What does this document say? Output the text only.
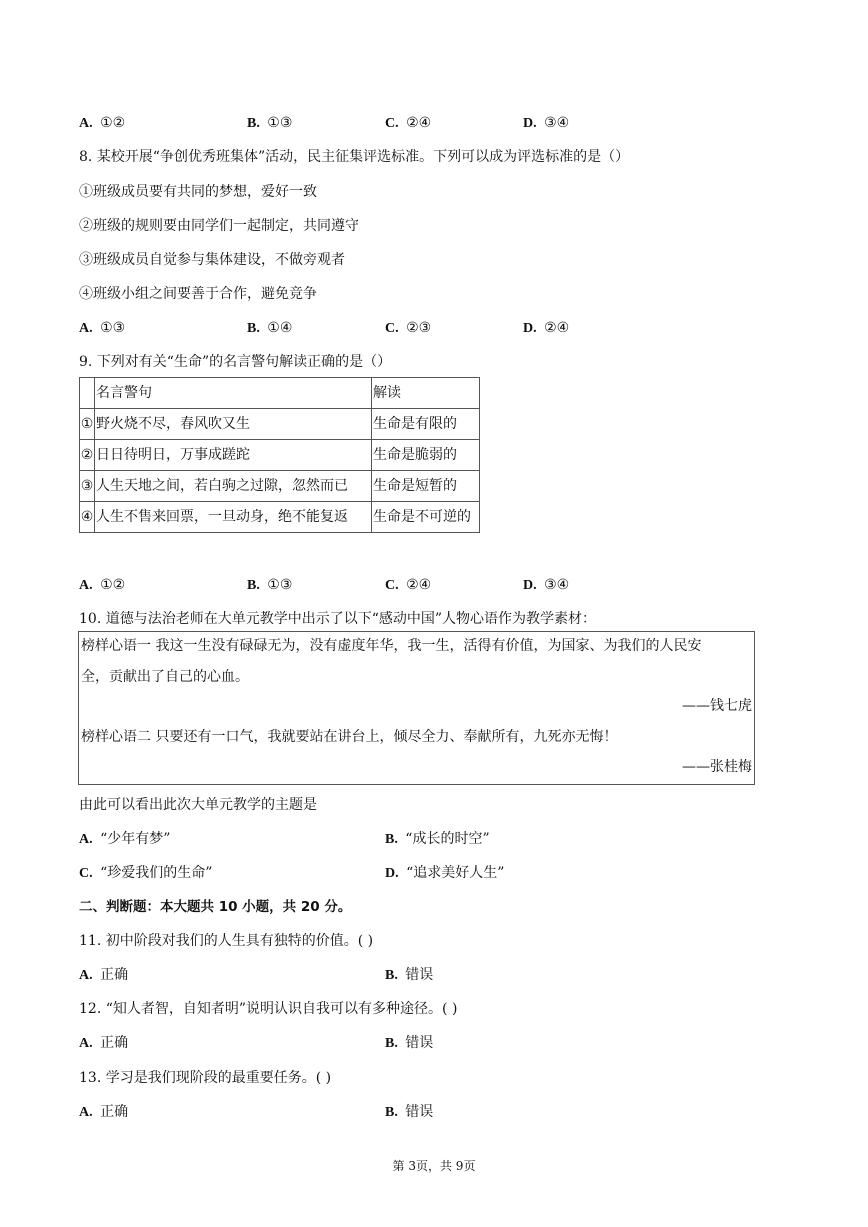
A. ①②	B. ①③	C. ②④	D. ③④
8. 某校开展“争创优秀班集体”活动，民主征集评选标准。下列可以成为评选标准的是（）
①班级成员要有共同的梦想，爱好一致
②班级的规则要由同学们一起制定，共同遵守
③班级成员自觉参与集体建设，不做旁观者
④班级小组之间要善于合作，避免竞争
A. ①③	B. ①④	C. ②③	D. ②④
9. 下列对有关“生命”的名言警句解读正确的是（）
	名言警句	解读
①	野火烧不尽，春风吹又生	生命是有限的
②	日日待明日，万事成蹉跎	生命是脆弱的
③	人生天地之间，若白驹之过隙，忽然而已	生命是短暂的
④	人生不售来回票，一旦动身，绝不能复返	生命是不可逆的
A. ①②	B. ①③	C. ②④	D. ③④
10. 道德与法治老师在大单元教学中出示了以下“感动中国”人物心语作为教学素材：
榜样心语一 我这一生没有碌碌无为，没有虚度年华，我一生，活得有价值，为国家、为我们的人民安
全，贡献出了自己的心血。
——钱七虎
榜样心语二 只要还有一口气，我就要站在讲台上，倾尽全力、奉献所有，九死亦无悔！
——张桂梅
由此可以看出此次大单元教学的主题是
A. “少年有梦”	B. “成长的时空”
C. “珍爱我们的生命”	D. “追求美好人生”
二、判断题：本大题共 10 小题，共 20 分。
11. 初中阶段对我们的人生具有独特的价值。( )
A. 正确	B. 错误
12. “知人者智，自知者明”说明认识自我可以有多种途径。( )
A. 正确	B. 错误
13. 学习是我们现阶段的最重要任务。( )
A. 正确	B. 错误
第 3页，共 9页
